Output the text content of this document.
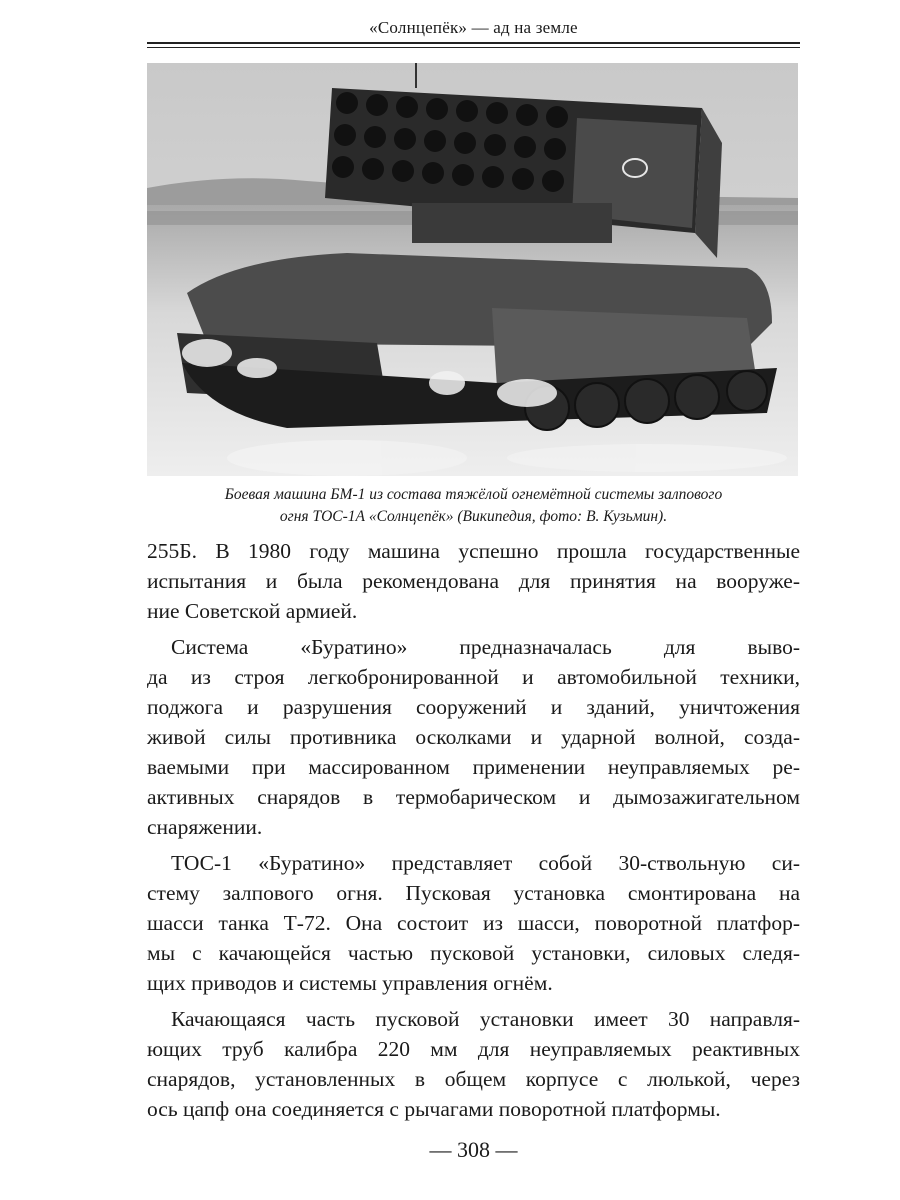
«Солнцепёк» — ад на земле
Боевая машина БМ-1 из состава тяжёлой огнемётной системы залпового
огня ТОС-1А «Солнцепёк» (Википедия, фото: В. Кузьмин).
255Б. В 1980 году машина успешно прошла государственные
испытания и была рекомендована для принятия на вооруже-
ние Советской армией.
Система «Буратино» предназначалась для выво-
да из строя легкобронированной и автомобильной техники,
поджога и разрушения сооружений и зданий, уничтожения
живой силы противника осколками и ударной волной, созда-
ваемыми при массированном применении неуправляемых ре-
активных снарядов в термобарическом и дымозажигательном
снаряжении.
ТОС-1 «Буратино» представляет собой 30-ствольную си-
стему залпового огня. Пусковая установка смонтирована на
шасси танка Т-72. Она состоит из шасси, поворотной платфор-
мы с качающейся частью пусковой установки, силовых следя-
щих приводов и системы управления огнём.
Качающаяся часть пусковой установки имеет 30 направля-
ющих труб калибра 220 мм для неуправляемых реактивных
снарядов, установленных в общем корпусе с люлькой, через
ось цапф она соединяется с рычагами поворотной платформы.
— 308 —
